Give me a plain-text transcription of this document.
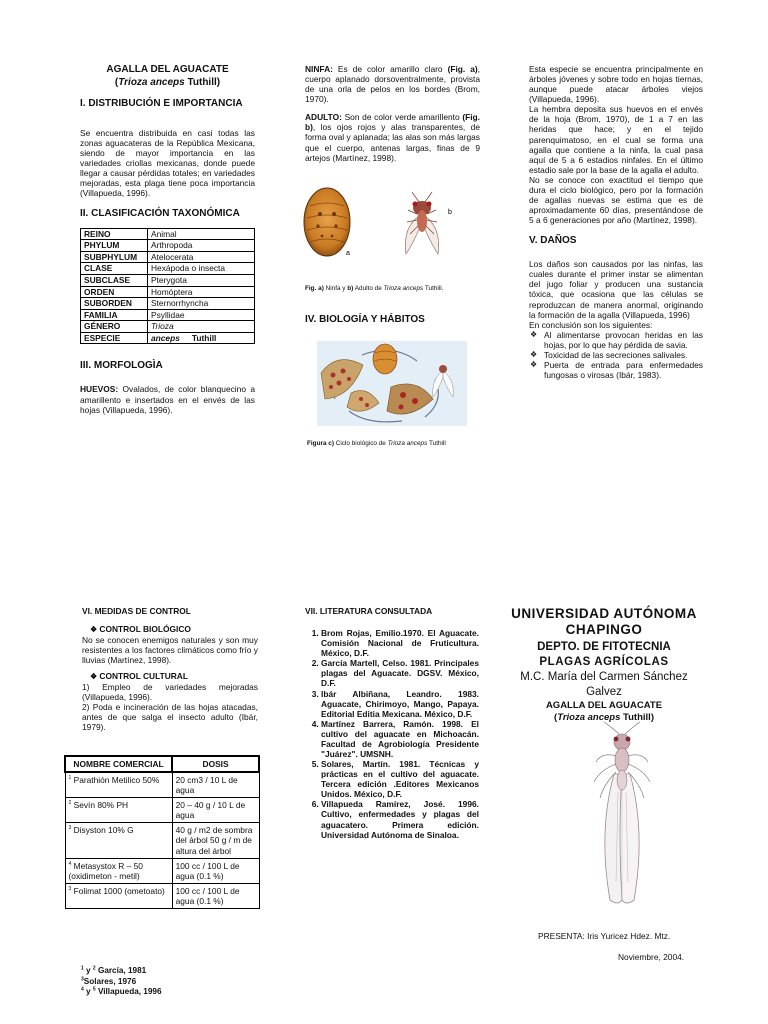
AGALLA DEL AGUACATE
(Trioza anceps Tuthill)
I. DISTRIBUCIÓN E IMPORTANCIA

Se encuentra distribuida en casi todas las zonas aguacateras de la República Mexicana, siendo de mayor importancia en las variedades criollas mexicanas, donde puede llegar a causar pérdidas totales; en variedades mejoradas, esta plaga tiene poca importancia (Villapueda, 1996).

II. CLASIFICACIÓN TAXONÓMICA
REINO	Animal
PHYLUM	Arthropoda
SUBPHYLUM	Atelocerata
CLASE	Hexápoda o insecta
SUBCLASE	Pterygota
ORDEN	Homóptera
SUBORDEN	Sternorrhyncha
FAMILIA	Psyllidae
GÉNERO	Trioza
ESPECIE	anceps Tuthill
III. MORFOLOGÌA

HUEVOS: Ovalados, de color blanquecino a amarillento e insertados en el envés de las hojas (Villapueda, 1996).

NINFA: Es de color amarillo claro (Fig. a), cuerpo aplanado dorsoventralmente, provista de una orla de pelos en los bordes (Brom, 1970).

ADULTO: Son de color verde amarillento (Fig. b), los ojos rojos y alas transparentes, de forma oval y aplanada; las alas son más largas que el cuerpo, antenas largas, finas de 9 artejos (Martínez, 1998).

a
b
Fig. a) Ninfa y b) Adulto de Trioza anceps Tuthill.
IV. BIOLOGÍA Y HÁBITOS
Figura c) Ciclo biológico de Trioza anceps Tuthill

Esta especie se encuentra principalmente en árboles jóvenes y sobre todo en hojas tiernas, aunque puede atacar árboles viejos (Villapueda, 1996).

La hembra deposita sus huevos en el envés de la hoja (Brom, 1970), de 1 a 7 en las heridas que hace; y en el tejido parenquimatoso, en el cual se forma una agalla que contiene a la ninfa, la cual pasa aquí de 5 a 6 estadios ninfales. En el último estadio sale por la base de la agalla el adulto.

No se conoce con exactitud el tiempo que dura el ciclo biológico, pero por la formación de agallas nuevas se estima que es de aproximadamente 60 días, presentándose de 5 a 6 generaciones por año (Martínez, 1998).

V. DAÑOS

Los daños son causados por las ninfas, las cuales durante el primer instar se alimentan del jugo foliar y producen una sustancia tóxica, que ocasiona que las células se reproduzcan de manera anormal, originando la formación de la agalla (Villapueda, 1996)

En conclusión son los siguientes:

❖ Al alimentarse provocan heridas en las hojas, por lo que hay pérdida de savia.
❖ Toxicidad de las secreciones salivales.
❖ Puerta de entrada para enfermedades fungosas o virosas (Ibár, 1983).
VI. MEDIDAS DE CONTROL
❖ CONTROL BIOLÓGICO

No se conocen enemigos naturales y son muy resistentes a los factores climáticos como frío y lluvias (Martínez, 1998).

❖ CONTROL CULTURAL

1) Empleo de variedades mejoradas (Villapueda, 1996).

2) Poda e incineración de las hojas atacadas, antes de que salga el insecto adulto (Ibár, 1979).

NOMBRE COMERCIAL	DOSIS
$^1$ Parathión Metilico 50%	20 cm3 / 10 L de agua
$^2$ Sevín 80% PH	20 – 40 g / 10 L de agua
$^3$ Disyston 10% G	40 g / m2 de sombra del árbol 50 g / m de altura del árbol
$^4$ Metasystox R – 50 (oxidimeton - metil)	100 cc / 100 L de agua (0.1 %)
$^3$ Folimat 1000 (ometoato)	100 cc / 100 L de agua (0.1 %)
$^1$ y $^2$ García, 1981
$^3$Solares, 1976
$^4$ y $^5$ Villapueda, 1996
VII. LITERATURA CONSULTADA
1. Brom Rojas, Emilio.1970. El Aguacate. Comisión Nacional de Fruticultura. México, D.F.
2. García Martell, Celso. 1981. Principales plagas del Aguacate. DGSV. México, D.F.
3. Ibár Albiñana, Leandro. 1983. Aguacate, Chirimoyo, Mango, Papaya. Editorial Editia Mexicana. México, D.F.
4. Martínez Barrera, Ramón. 1998. El cultivo del aguacate en Michoacán. Facultad de Agrobiología Presidente "Juárez". UMSNH.
5. Solares, Martín. 1981. Técnicas y prácticas en el cultivo del aguacate. Tercera edición .Editores Mexicanos Unidos. México, D.F.
6. Villapueda Ramírez, José. 1996. Cultivo, enfermedades y plagas del aguacatero. Primera edición. Universidad Autónoma de Sinaloa.
UNIVERSIDAD AUTÓNOMA
CHAPINGO
DEPTO. DE FITOTECNIA
PLAGAS AGRÍCOLAS
M.C. María del Carmen Sánchez
Galvez
AGALLA DEL AGUACATE
(Trioza anceps Tuthill)
PRESENTA: Iris Yuricez Hdez. Mtz.
Noviembre, 2004.
